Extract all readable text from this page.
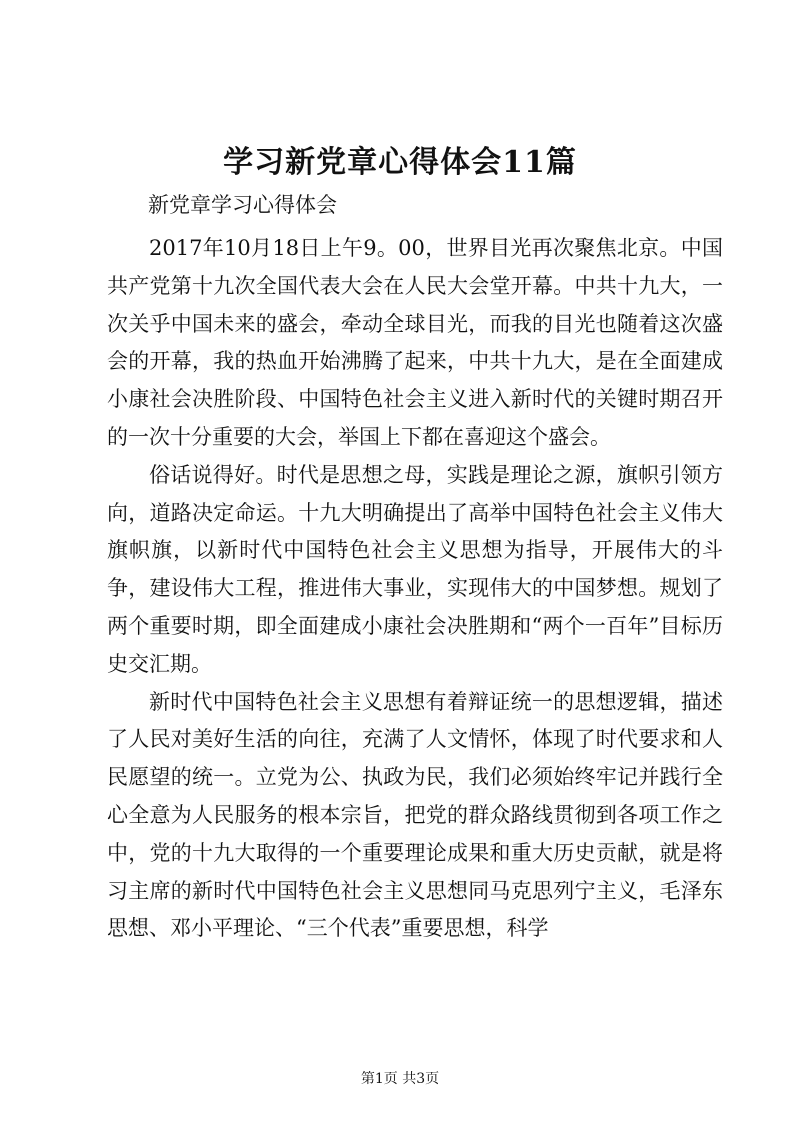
学习新党章心得体会11篇
新党章学习心得体会

2017年10月18日上午9。00，世界目光再次聚焦北京。中国共产党第十九次全国代表大会在人民大会堂开幕。中共十九大，一次关乎中国未来的盛会，牵动全球目光，而我的目光也随着这次盛会的开幕，我的热血开始沸腾了起来，中共十九大，是在全面建成小康社会决胜阶段、中国特色社会主义进入新时代的关键时期召开的一次十分重要的大会，举国上下都在喜迎这个盛会。

俗话说得好。时代是思想之母，实践是理论之源，旗帜引领方向，道路决定命运。十九大明确提出了高举中国特色社会主义伟大旗帜旗，以新时代中国特色社会主义思想为指导，开展伟大的斗争，建设伟大工程，推进伟大事业，实现伟大的中国梦想。规划了两个重要时期，即全面建成小康社会决胜期和“两个一百年”目标历史交汇期。

新时代中国特色社会主义思想有着辩证统一的思想逻辑，描述了人民对美好生活的向往，充满了人文情怀，体现了时代要求和人民愿望的统一。立党为公、执政为民，我们必须始终牢记并践行全心全意为人民服务的根本宗旨，把党的群众路线贯彻到各项工作之中，党的十九大取得的一个重要理论成果和重大历史贡献，就是将习主席的新时代中国特色社会主义思想同马克思列宁主义，毛泽东思想、邓小平理论、“三个代表”重要思想，科学

第1页 共3页
